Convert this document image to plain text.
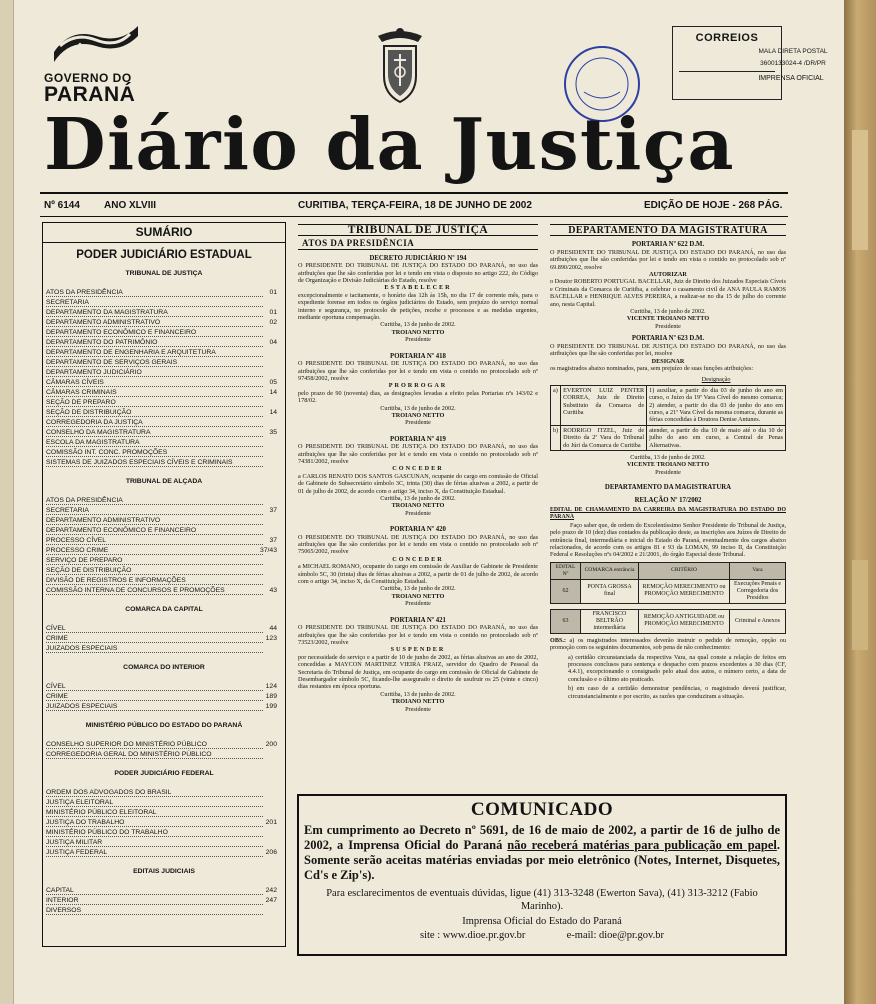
GOVERNO DO
PARANÁ
CORREIOS
MALA DIRETA POSTAL
3600133024-4 /DR/PR
IMPRENSA OFICIAL
Diário da Justiça
Nº 6144 ANO XLVIII	CURITIBA, TERÇA-FEIRA, 18 DE JUNHO DE 2002	EDIÇÃO DE HOJE - 268 PÁG.
SUMÁRIO
PODER JUDICIÁRIO ESTADUAL
TRIBUNAL DE JUSTIÇA
ATOS DA PRESIDÊNCIA	01
SECRETARIA
DEPARTAMENTO DA MAGISTRATURA	01
DEPARTAMENTO ADMINISTRATIVO	02
DEPARTAMENTO ECONÔMICO E FINANCEIRO
DEPARTAMENTO DO PATRIMÔNIO	04
DEPARTAMENTO DE ENGENHARIA E ARQUITETURA
DEPARTAMENTO DE SERVIÇOS GERAIS
DEPARTAMENTO JUDICIÁRIO
CÂMARAS CÍVEIS	05
CÂMARAS CRIMINAIS	14
SEÇÃO DE PREPARO
SEÇÃO DE DISTRIBUIÇÃO	14
CORREGEDORIA DA JUSTIÇA
CONSELHO DA MAGISTRATURA	35
ESCOLA DA MAGISTRATURA
COMISSÃO INT. CONC. PROMOÇÕES
SISTEMAS DE JUIZADOS ESPECIAIS CÍVEIS E CRIMINAIS
TRIBUNAL DE ALÇADA
ATOS DA PRESIDÊNCIA
SECRETARIA	37
DEPARTAMENTO ADMINISTRATIVO
DEPARTAMENTO ECONÔMICO E FINANCEIRO
PROCESSO CÍVEL	37
PROCESSO CRIME	37/43
SERVIÇO DE PREPARO
SEÇÃO DE DISTRIBUIÇÃO
DIVISÃO DE REGISTROS E INFORMAÇÕES
COMISSÃO INTERNA DE CONCURSOS E PROMOÇÕES	43
COMARCA DA CAPITAL
CÍVEL	44
CRIME	123
JUIZADOS ESPECIAIS
COMARCA DO INTERIOR
CÍVEL	124
CRIME	189
JUIZADOS ESPECIAIS	199
MINISTÉRIO PÚBLICO DO ESTADO DO PARANÁ
CONSELHO SUPERIOR DO MINISTÉRIO PÚBLICO	200
CORREGEDORIA GERAL DO MINISTÉRIO PÚBLICO
PODER JUDICIÁRIO FEDERAL
ORDEM DOS ADVOGADOS DO BRASIL
JUSTIÇA ELEITORAL
MINISTÉRIO PÚBLICO ELEITORAL
JUSTIÇA DO TRABALHO	201
MINISTÉRIO PÚBLICO DO TRABALHO
JUSTIÇA MILITAR
JUSTIÇA FEDERAL	206
EDITAIS JUDICIAIS
CAPITAL	242
INTERIOR	247
DIVERSOS
TRIBUNAL DE JUSTIÇA
ATOS DA PRESIDÊNCIA
DECRETO JUDICIÁRIO Nº 194
O PRESIDENTE DO TRIBUNAL DE JUSTIÇA DO ESTADO DO PARANÁ, no uso das atribuições que lhe são conferidas por lei e tendo em vista o disposto no artigo 222, do Código de Organização e Divisão Judiciárias do Estado, resolve
ESTABELECER
excepcionalmente e tacitamente, o horário das 12h às 15h, no dia 17 de corrente mês, para o expediente forense em todos os órgãos judiciários do Estado, sem prejuízo do serviço normal interno e segurança, no protocolo de petições, recebe e processos e as medidas urgentes, mediante oportuna compensação.
Curitiba, 13 de junho de 2002.
TROIANO NETTO
Presidente
PORTARIA Nº 418
O PRESIDENTE DO TRIBUNAL DE JUSTIÇA DO ESTADO DO PARANÁ, no uso das atribuições que lhe são conferidas por lei e tendo em vista o contido no protocolado sob nº 97458/2002, resolve
PRORROGAR
pelo prazo de 90 (noventa) dias, as designações levadas a efeito pelas Portarias nºs 143/02 e 178/02.
Curitiba, 13 de junho de 2002.
TROIANO NETTO
Presidente
PORTARIA Nº 419
O PRESIDENTE DO TRIBUNAL DE JUSTIÇA DO ESTADO DO PARANÁ, no uso das atribuições que lhe são conferidas por lei e tendo em vista o contido no protocolado sob nº 74381/2002, resolve
CONCEDER
a CARLOS RENATO DOS SANTOS GASCUNAN, ocupante do cargo em comissão de Oficial de Gabinete do Subsecretário símbolo 3C, trinta (30) dias de férias alusivas a 2002, a partir de 01 de julho de 2002, de acordo com o artigo 34, inciso X, da Constituição Estadual.
Curitiba, 13 de junho de 2002.
TROIANO NETTO
Presidente
PORTARIA Nº 420
O PRESIDENTE DO TRIBUNAL DE JUSTIÇA DO ESTADO DO PARANÁ, no uso das atribuições que lhe são conferidas por lei e tendo em vista o contido no protocolado sob nº 75065/2002, resolve
CONCEDER
a MICHAEL ROMANO, ocupante do cargo em comissão de Auxiliar de Gabinete de Presidente símbolo 5C, 30 (trinta) dias de férias alusivas a 2002, a partir de 01 de julho de 2002, de acordo com o artigo 34, inciso X, da Constituição Estadual.
Curitiba, 13 de junho de 2002.
TROIANO NETTO
Presidente
PORTARIA Nº 421
O PRESIDENTE DO TRIBUNAL DE JUSTIÇA DO ESTADO DO PARANÁ, no uso das atribuições que lhe são conferidas por lei e tendo em vista o contido no protocolado sob nº 73523/2002, resolve
SUSPENDER
por necessidade do serviço e a partir de 10 de junho de 2002, as férias alusivas ao ano de 2002, concedidas a MAYCON MARTINEZ VIEIRA FRAIZ, servidor do Quadro de Pessoal da Secretaria do Tribunal de Justiça, em ocupante do cargo em comissão de Oficial de Gabinete de Desembargador símbolo 5C, ficando-lhe assegurado o direito de usufruir os 25 (vinte e cinco) dias restantes em época oportuna.
Curitiba, 13 de junho de 2002.
TROIANO NETTO
Presidente
DEPARTAMENTO DA MAGISTRATURA
PORTARIA Nº 622 D.M.
O PRESIDENTE DO TRIBUNAL DE JUSTIÇA DO ESTADO DO PARANÁ, no uso das atribuições que lhe são conferidas por lei e tendo em vista o contido no protocolado sob nº 69.890/2002, resolve
AUTORIZAR
o Doutor ROBERTO PORTUGAL BACELLAR, Juiz de Direito dos Juizados Especiais Cíveis e Criminais da Comarca de Curitiba, a celebrar o casamento civil de ANA PAULA RAMOS BACELLAR e HENRIQUE ALVES PEREIRA, a realizar-se no dia 15 de julho do corrente ano, nesta Capital.
Curitiba, 13 de junho de 2002.
VICENTE TROIANO NETTO
Presidente
PORTARIA Nº 623 D.M.
O PRESIDENTE DO TRIBUNAL DE JUSTIÇA DO ESTADO DO PARANÁ, no uso das atribuições que lhe são conferidas por lei, resolve
DESIGNAR
os magistrados abaixo nominados, para, sem prejuízo de suas funções atribuições:
		Designação
a)	EVERTON LUIZ PENTER CORREA, Juiz de Direito Substituto da Comarca de Curitiba	1) auxiliar, a partir do dia 03 de junho do ano em curso, o Juízo da 19ª Vara Cível do mesmo comarca; 2) atender, a partir do dia 03 de junho do ano em curso, a 21ª Vara Cível da mesma comarca, durante as férias concedidas à Doutora Denise Antunes.
b)	RODRIGO ITZEL, Juiz de Direito da 2ª Vara do Tribunal do Júri da Comarca de Curitiba	atender, a partir do dia 10 de maio até o dia 10 de julho do ano em curso, a Central de Penas Alternativas.
Curitiba, 13 de junho de 2002.
VICENTE TROIANO NETTO
Presidente
DEPARTAMENTO DA MAGISTRATURA
RELAÇÃO Nº 17/2002
EDITAL DE CHAMAMENTO DA CARREIRA DA MAGISTRATURA DO ESTADO DO PARANÁ
Faço saber que, de ordem do Excelentíssimo Senhor Presidente do Tribunal de Justiça, pelo prazo de 10 (dez) dias contados da publicação deste, as inscrições aos Juízes de Direito de entrância final, intermediária e inicial do Estado do Paraná, eventualmente dos cargos abaixo relacionados, de acordo com os artigos 81 e 93 da LOMAN, 99 inciso II, da Constituição Federal e Resoluções nºs 04/2002 e 21/2001, do órgão Especial deste Tribunal.
EDITAL Nº	COMARCA entrância	CRITÉRIO	Vara
62	PONTA GROSSA final	REMOÇÃO MERECIMENTO ou PROMOÇÃO MERECIMENTO	Execuções Penais e Corregedoria dos Presídios

63	FRANCISCO BELTRÃO intermediária	REMOÇÃO ANTIGUIDADE ou PROMOÇÃO MERECIMENTO	Criminal e Anexos
OBS.: a) os magistrados interessados deverão instruir o pedido de remoção, opção ou promoção com os seguintes documentos, sob pena de não conhecimento:
a) certidão circunstanciada da respectiva Vara, na qual conste a relação de feitos em processos conclusos para sentença e despacho com prazos excedentes a 30 dias (CF, 4.4.1), excepcionando o consignado pelo atual dos autos, o número certo, a data de conclusão e o último ato praticado.
b) em caso de a certidão demonstrar pendências, o magistrado deverá justificar, circunstancialmente e por escrito, as razões que conduziram a situação.
COMUNICADO
Em cumprimento ao Decreto nº 5691, de 16 de maio de 2002, a partir de 16 de julho de 2002, a Imprensa Oficial do Paraná não receberá matérias para publicação em papel. Somente serão aceitas matérias enviadas por meio eletrônico (Notes, Internet, Disquetes, Cd's e Zip's).
Para esclarecimentos de eventuais dúvidas, ligue (41) 313-3248 (Ewerton Sava), (41) 313-3212 (Fabio Marinho).
Imprensa Oficial do Estado do Paraná
site : www.dioe.pr.gov.br	e-mail: dioe@pr.gov.br
